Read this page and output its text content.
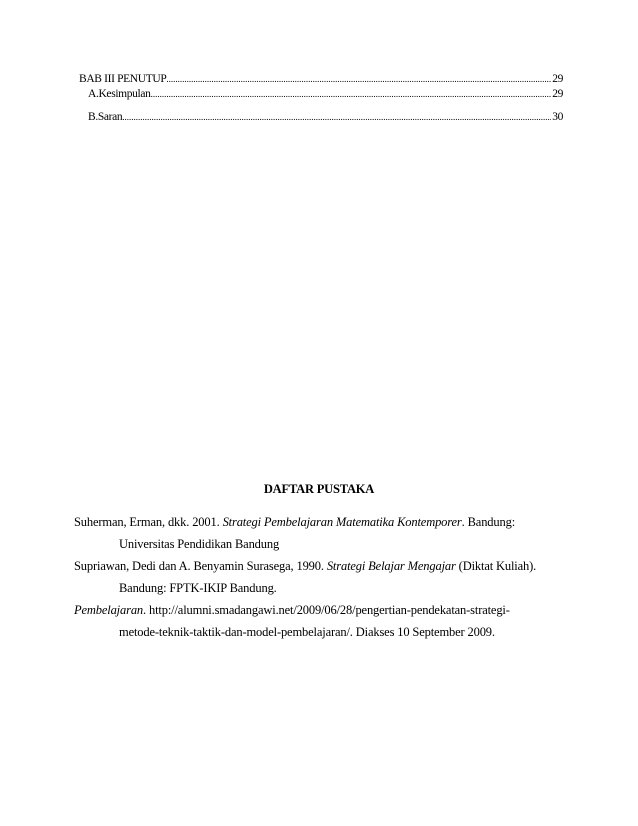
BAB III PENUTUP .....	29
A.Kesimpulan .....	29
B.Saran .....	30
DAFTAR PUSTAKA
Suherman, Erman, dkk. 2001. Strategi Pembelajaran Matematika Kontemporer. Bandung:
Universitas Pendidikan Bandung
Supriawan, Dedi dan A. Benyamin Surasega, 1990. Strategi Belajar Mengajar (Diktat Kuliah).
Bandung: FPTK-IKIP Bandung.
Pembelajaran. http://alumni.smadangawi.net/2009/06/28/pengertian-pendekatan-strategi-
metode-teknik-taktik-dan-model-pembelajaran/. Diakses 10 September 2009.
